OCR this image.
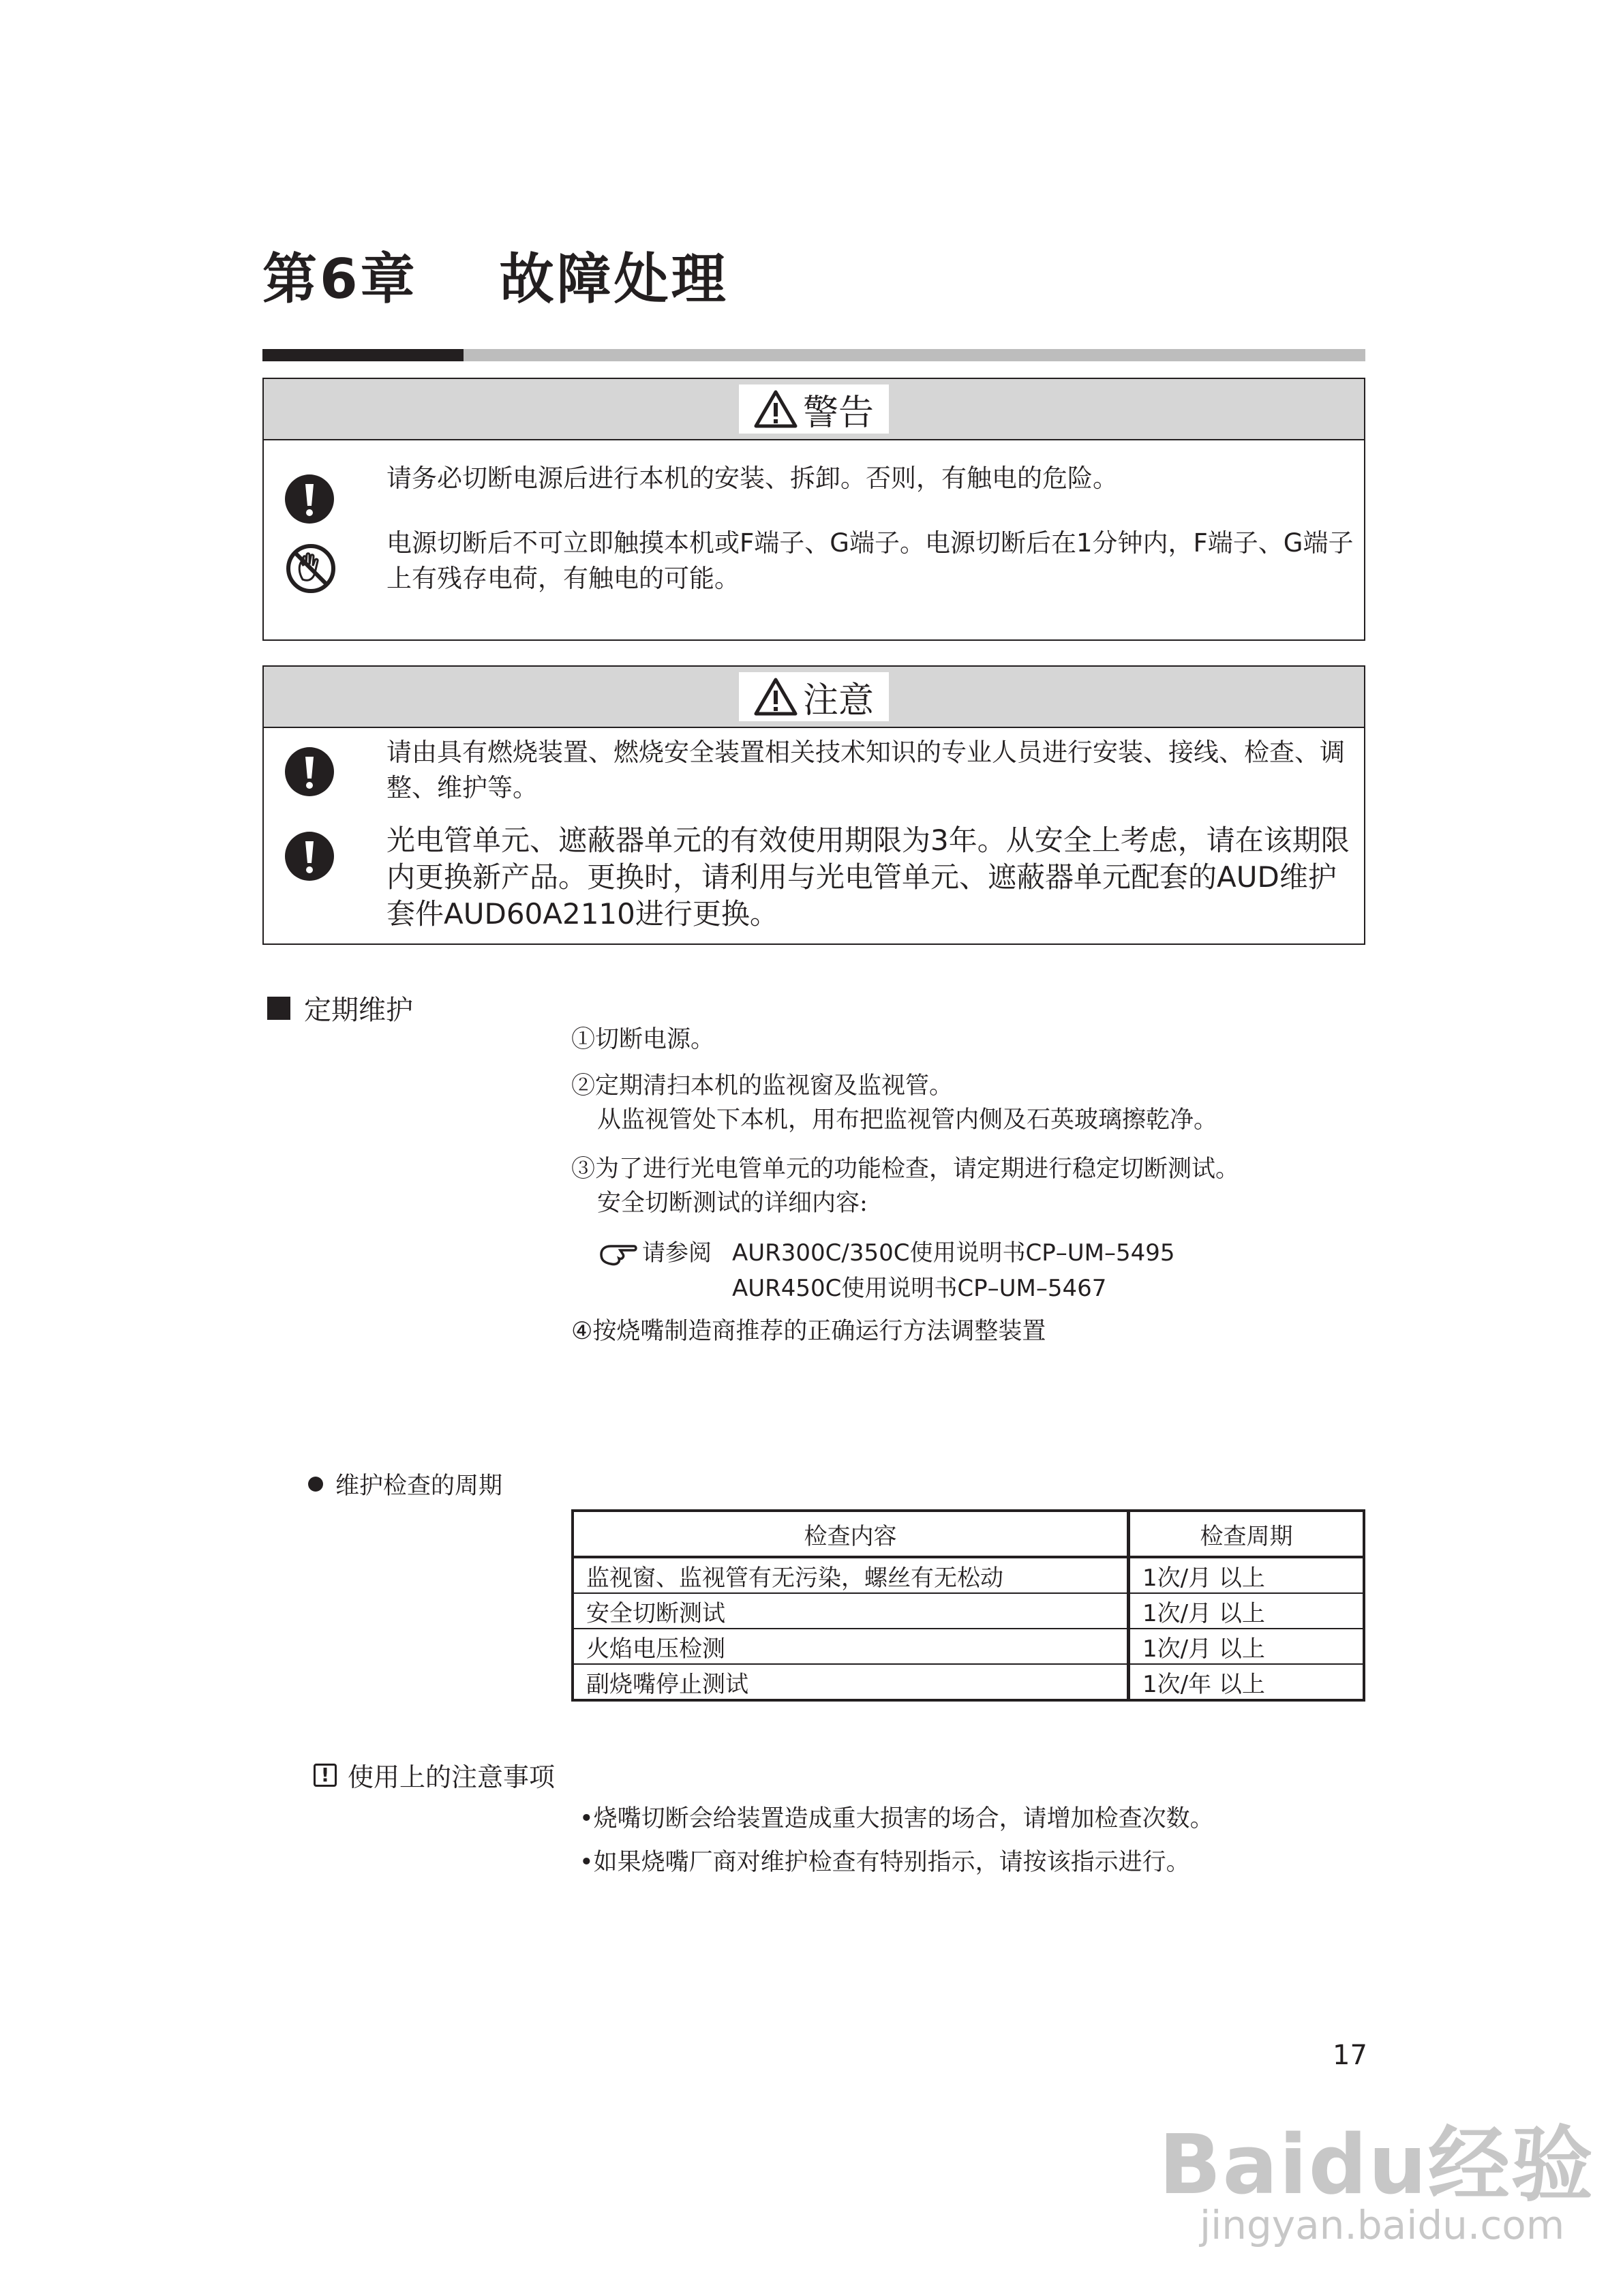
第6章 故障处理
警告
请务必切断电源后进行本机的安装、拆卸。否则，有触电的危险。
电源切断后不可立即触摸本机或F端子、G端子。电源切断后在1分钟内，F端子、G端子上有残存电荷，有触电的可能。
注意
请由具有燃烧装置、燃烧安全装置相关技术知识的专业人员进行安装、接线、检查、调整、维护等。
光电管单元、遮蔽器单元的有效使用期限为3年。从安全上考虑，请在该期限内更换新产品。更换时，请利用与光电管单元、遮蔽器单元配套的AUD维护套件AUD60A2110进行更换。
定期维护
①切断电源。
②定期清扫本机的监视窗及监视管。
从监视管处下本机，用布把监视管内侧及石英玻璃擦乾净。
③为了进行光电管单元的功能检查，请定期进行稳定切断测试。
安全切断测试的详细内容:
请参阅 AUR300C/350C使用说明书CP–UM–5495
AUR450C使用说明书CP–UM–5467
④按烧嘴制造商推荐的正确运行方法调整装置
维护检查的周期
检查内容	检查周期
监视窗、监视管有无污染，螺丝有无松动	1次/月 以上
安全切断测试	1次/月 以上
火焰电压检测	1次/月 以上
副烧嘴停止测试	1次/年 以上
! 使用上的注意事项
•烧嘴切断会给装置造成重大损害的场合，请增加检查次数。
•如果烧嘴厂商对维护检查有特别指示，请按该指示进行。
17
Baidu经验
jingyan.baidu.com
